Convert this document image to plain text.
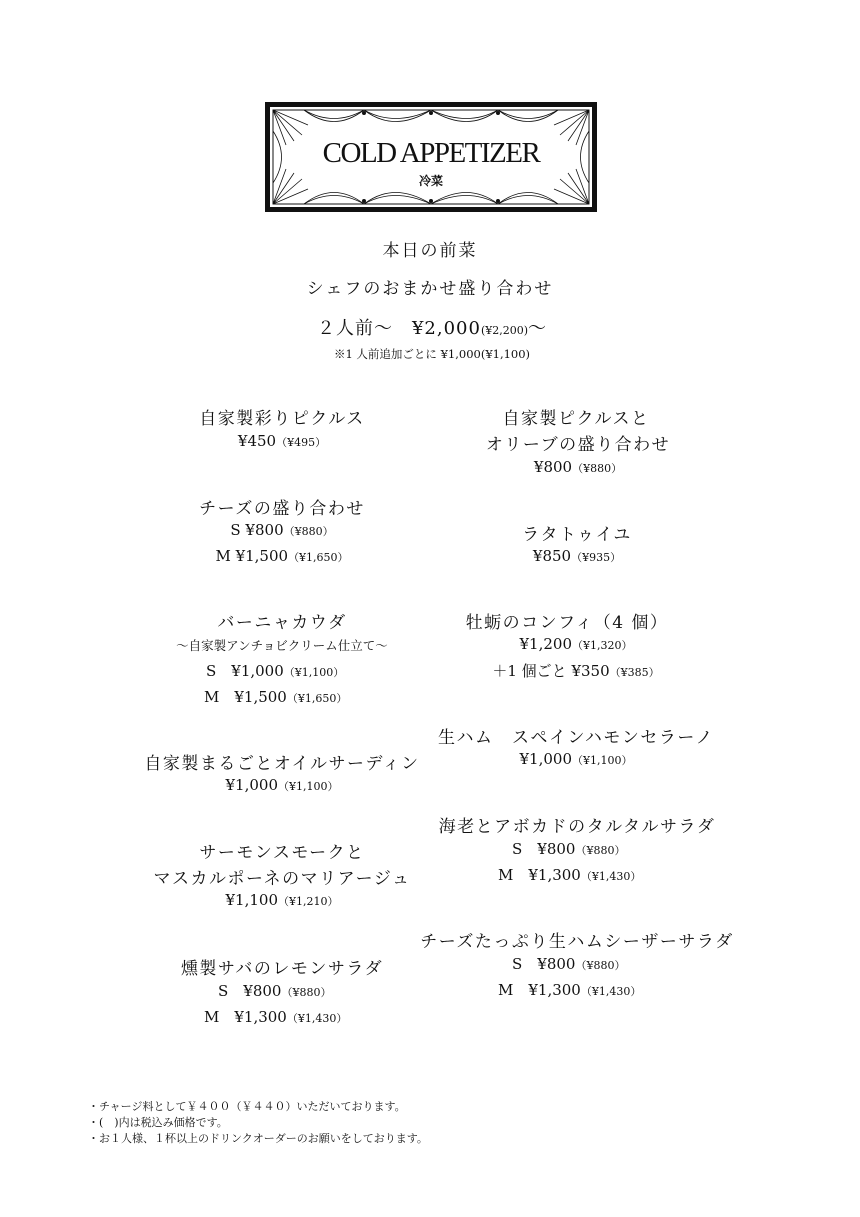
COLD APPETIZER
冷菜
本日の前菜
シェフのおまかせ盛り合わせ
２人前～　¥2,000(¥2,200)～
※1 人前追加ごとに ¥1,000(¥1,100)
自家製彩りピクルス
¥450（¥495）
チーズの盛り合わせ
S ¥800（¥880）
M ¥1,500（¥1,650）
バーニャカウダ
～自家製アンチョビクリーム仕立て～
S　¥1,000（¥1,100）
M　¥1,500（¥1,650）
自家製まるごとオイルサーディン
¥1,000（¥1,100）
サーモンスモークと
マスカルポーネのマリアージュ
¥1,100（¥1,210）
燻製サバのレモンサラダ
S　¥800（¥880）
M　¥1,300（¥1,430）
自家製ピクルスと
オリーブの盛り合わせ
¥800（¥880）
ラタトゥイユ
¥850（¥935）
牡蛎のコンフィ（4 個）
¥1,200（¥1,320）
＋1 個ごと ¥350（¥385）
生ハム　スペインハモンセラーノ
¥1,000（¥1,100）
海老とアボカドのタルタルサラダ
S　¥800（¥880）
M　¥1,300（¥1,430）
チーズたっぷり生ハムシーザーサラダ
S　¥800（¥880）
M　¥1,300（¥1,430）
・チャージ料として￥４００（￥４４０）いただいております。
・(　)内は税込み価格です。
・お１人様、１杯以上のドリンクオーダーのお願いをしております。
